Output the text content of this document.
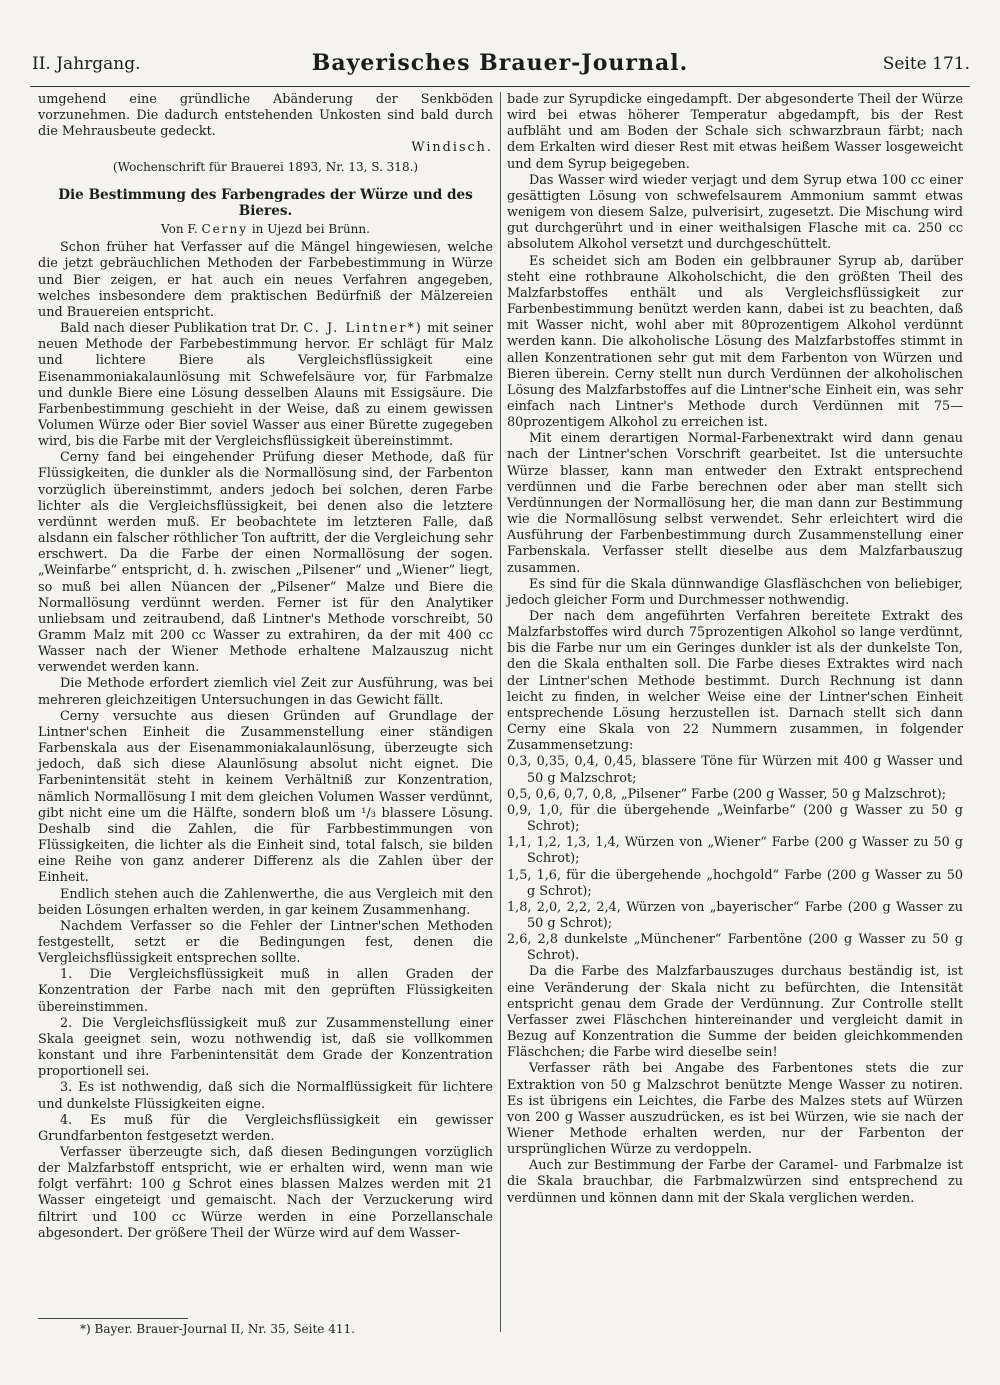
II. Jahrgang.	Bayerisches Brauer-Journal.	Seite 171.

umgehend eine gründliche Abänderung der Senkböden vorzunehmen. Die dadurch entstehenden Unkosten sind bald durch die Mehrausbeute gedeckt.

Windisch.
(Wochenschrift für Brauerei 1893, Nr. 13, S. 318.)
Die Bestimmung des Farbengrades der Würze und des Bieres.
Von F. Cerny in Ujezd bei Brünn.

Schon früher hat Verfasser auf die Mängel hingewiesen, welche die jetzt gebräuchlichen Methoden der Farbebestimmung in Würze und Bier zeigen, er hat auch ein neues Verfahren angegeben, welches insbesondere dem praktischen Bedürfniß der Mälzereien und Brauereien entspricht.

Bald nach dieser Publikation trat Dr. C. J. Lintner*) mit seiner neuen Methode der Farbebestimmung hervor. Er schlägt für Malz und lichtere Biere als Vergleichsflüssigkeit eine Eisenammoniakalaunlösung mit Schwefelsäure vor, für Farbmalze und dunkle Biere eine Lösung desselben Alauns mit Essigsäure. Die Farbenbestimmung geschieht in der Weise, daß zu einem gewissen Volumen Würze oder Bier soviel Wasser aus einer Bürette zugegeben wird, bis die Farbe mit der Vergleichsflüssigkeit übereinstimmt.

Cerny fand bei eingehender Prüfung dieser Methode, daß für Flüssigkeiten, die dunkler als die Normallösung sind, der Farbenton vorzüglich übereinstimmt, anders jedoch bei solchen, deren Farbe lichter als die Vergleichsflüssigkeit, bei denen also die letztere verdünnt werden muß. Er beobachtete im letzteren Falle, daß alsdann ein falscher röthlicher Ton auftritt, der die Vergleichung sehr erschwert. Da die Farbe der einen Normallösung der sogen. „Weinfarbe“ entspricht, d. h. zwischen „Pilsener“ und „Wiener“ liegt, so muß bei allen Nüancen der „Pilsener“ Malze und Biere die Normallösung verdünnt werden. Ferner ist für den Analytiker unliebsam und zeitraubend, daß Lintner's Methode vorschreibt, 50 Gramm Malz mit 200 cc Wasser zu extrahiren, da der mit 400 cc Wasser nach der Wiener Methode erhaltene Malzauszug nicht verwendet werden kann.

Die Methode erfordert ziemlich viel Zeit zur Ausführung, was bei mehreren gleichzeitigen Untersuchungen in das Gewicht fällt.

Cerny versuchte aus diesen Gründen auf Grundlage der Lintner'schen Einheit die Zusammenstellung einer ständigen Farbenskala aus der Eisenammoniakalaunlösung, überzeugte sich jedoch, daß sich diese Alaunlösung absolut nicht eignet. Die Farbenintensität steht in keinem Verhältniß zur Konzentration, nämlich Normallösung I mit dem gleichen Volumen Wasser verdünnt, gibt nicht eine um die Hälfte, sondern bloß um ¹/₃ blassere Lösung. Deshalb sind die Zahlen, die für Farbbestimmungen von Flüssigkeiten, die lichter als die Einheit sind, total falsch, sie bilden eine Reihe von ganz anderer Differenz als die Zahlen über der Einheit.

Endlich stehen auch die Zahlenwerthe, die aus Vergleich mit den beiden Lösungen erhalten werden, in gar keinem Zusammenhang.

Nachdem Verfasser so die Fehler der Lintner'schen Methoden festgestellt, setzt er die Bedingungen fest, denen die Vergleichsflüssigkeit entsprechen sollte.

1. Die Vergleichsflüssigkeit muß in allen Graden der Konzentration der Farbe nach mit den geprüften Flüssigkeiten übereinstimmen.

2. Die Vergleichsflüssigkeit muß zur Zusammenstellung einer Skala geeignet sein, wozu nothwendig ist, daß sie vollkommen konstant und ihre Farbenintensität dem Grade der Konzentration proportionell sei.

3. Es ist nothwendig, daß sich die Normalflüssigkeit für lichtere und dunkelste Flüssigkeiten eigne.

4. Es muß für die Vergleichsflüssigkeit ein gewisser Grundfarbenton festgesetzt werden.

Verfasser überzeugte sich, daß diesen Bedingungen vorzüglich der Malzfarbstoff entspricht, wie er erhalten wird, wenn man wie folgt verfährt: 100 g Schrot eines blassen Malzes werden mit 21 Wasser eingeteigt und gemaischt. Nach der Verzuckerung wird filtrirt und 100 cc Würze werden in eine Porzellanschale abgesondert. Der größere Theil der Würze wird auf dem Wasser-

*) Bayer. Brauer-Journal II, Nr. 35, Seite 411.

bade zur Syrupdicke eingedampft. Der abgesonderte Theil der Würze wird bei etwas höherer Temperatur abgedampft, bis der Rest aufbläht und am Boden der Schale sich schwarzbraun färbt; nach dem Erkalten wird dieser Rest mit etwas heißem Wasser losgeweicht und dem Syrup beigegeben.

Das Wasser wird wieder verjagt und dem Syrup etwa 100 cc einer gesättigten Lösung von schwefelsaurem Ammonium sammt etwas wenigem von diesem Salze, pulverisirt, zugesetzt. Die Mischung wird gut durchgerührt und in einer weithalsigen Flasche mit ca. 250 cc absolutem Alkohol versetzt und durchgeschüttelt.

Es scheidet sich am Boden ein gelbbrauner Syrup ab, darüber steht eine rothbraune Alkoholschicht, die den größten Theil des Malzfarbstoffes enthält und als Vergleichsflüssigkeit zur Farbenbestimmung benützt werden kann, dabei ist zu beachten, daß mit Wasser nicht, wohl aber mit 80prozentigem Alkohol verdünnt werden kann. Die alkoholische Lösung des Malzfarbstoffes stimmt in allen Konzentrationen sehr gut mit dem Farbenton von Würzen und Bieren überein. Cerny stellt nun durch Verdünnen der alkoholischen Lösung des Malzfarbstoffes auf die Lintner'sche Einheit ein, was sehr einfach nach Lintner's Methode durch Verdünnen mit 75—80prozentigem Alkohol zu erreichen ist.

Mit einem derartigen Normal-Farbenextrakt wird dann genau nach der Lintner'schen Vorschrift gearbeitet. Ist die untersuchte Würze blasser, kann man entweder den Extrakt entsprechend verdünnen und die Farbe berechnen oder aber man stellt sich Verdünnungen der Normallösung her, die man dann zur Bestimmung wie die Normallösung selbst verwendet. Sehr erleichtert wird die Ausführung der Farbenbestimmung durch Zusammenstellung einer Farbenskala. Verfasser stellt dieselbe aus dem Malzfarbauszug zusammen.

Es sind für die Skala dünnwandige Glasfläschchen von beliebiger, jedoch gleicher Form und Durchmesser nothwendig.

Der nach dem angeführten Verfahren bereitete Extrakt des Malzfarbstoffes wird durch 75prozentigen Alkohol so lange verdünnt, bis die Farbe nur um ein Geringes dunkler ist als der dunkelste Ton, den die Skala enthalten soll. Die Farbe dieses Extraktes wird nach der Lintner'schen Methode bestimmt. Durch Rechnung ist dann leicht zu finden, in welcher Weise eine der Lintner'schen Einheit entsprechende Lösung herzustellen ist. Darnach stellt sich dann Cerny eine Skala von 22 Nummern zusammen, in folgender Zusammensetzung:

0,3, 0,35, 0,4, 0,45, blassere Töne für Würzen mit 400 g Wasser und 50 g Malzschrot;

0,5, 0,6, 0,7, 0,8, „Pilsener“ Farbe (200 g Wasser, 50 g Malzschrot);

0,9, 1,0, für die übergehende „Weinfarbe“ (200 g Wasser zu 50 g Schrot);

1,1, 1,2, 1,3, 1,4, Würzen von „Wiener“ Farbe (200 g Wasser zu 50 g Schrot);

1,5, 1,6, für die übergehende „hochgold“ Farbe (200 g Wasser zu 50 g Schrot);

1,8, 2,0, 2,2, 2,4, Würzen von „bayerischer“ Farbe (200 g Wasser zu 50 g Schrot);

2,6, 2,8 dunkelste „Münchener“ Farbentöne (200 g Wasser zu 50 g Schrot).

Da die Farbe des Malzfarbauszuges durchaus beständig ist, ist eine Veränderung der Skala nicht zu befürchten, die Intensität entspricht genau dem Grade der Verdünnung. Zur Controlle stellt Verfasser zwei Fläschchen hintereinander und vergleicht damit in Bezug auf Konzentration die Summe der beiden gleichkommenden Fläschchen; die Farbe wird dieselbe sein!

Verfasser räth bei Angabe des Farbentones stets die zur Extraktion von 50 g Malzschrot benützte Menge Wasser zu notiren. Es ist übrigens ein Leichtes, die Farbe des Malzes stets auf Würzen von 200 g Wasser auszudrücken, es ist bei Würzen, wie sie nach der Wiener Methode erhalten werden, nur der Farbenton der ursprünglichen Würze zu verdoppeln.

Auch zur Bestimmung der Farbe der Caramel- und Farbmalze ist die Skala brauchbar, die Farbmalzwürzen sind entsprechend zu verdünnen und können dann mit der Skala verglichen werden.
